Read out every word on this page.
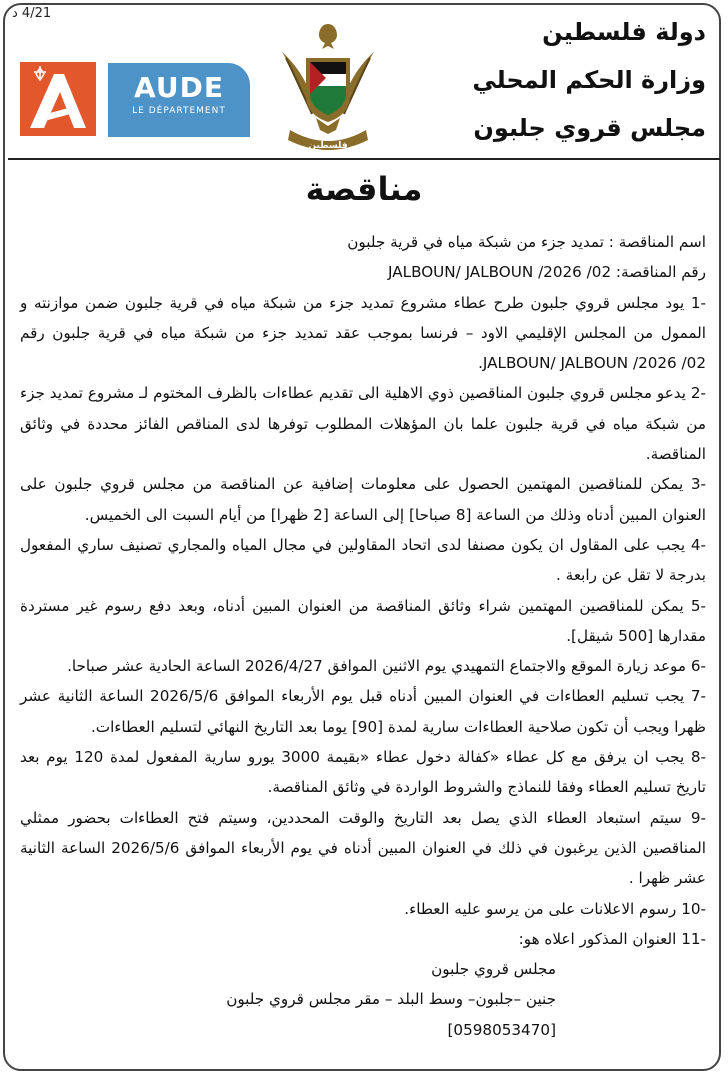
4/21 د
دولة فلسطين
وزارة الحكم المحلي
مجلس قروي جلبون
فلسطين
AUDE
LE DÉPARTEMENT
مناقصة

اسم المناقصة : تمديد جزء من شبكة مياه في قرية جلبون

رقم المناقصة: JALBOUN/ JALBOUN /2026 /02

-1 يود مجلس قروي جلبون طرح عطاء مشروع تمديد جزء من شبكة مياه في قرية جلبون ضمن موازنته و الممول من المجلس الإقليمي الاود – فرنسا بموجب عقد تمديد جزء من شبكة مياه في قرية جلبون رقم JALBOUN/ JALBOUN /2026 /02.

-2 يدعو مجلس قروي جلبون المناقصين ذوي الاهلية الى تقديم عطاءات بالظرف المختوم لـ مشروع تمديد جزء من شبكة مياه في قرية جلبون علما بان المؤهلات المطلوب توفرها لدى المناقص الفائز محددة في وثائق المناقصة.

-3 يمكن للمناقصين المهتمين الحصول على معلومات إضافية عن المناقصة من مجلس قروي جلبون على العنوان المبين أدناه وذلك من الساعة [8 صباحا] إلى الساعة [2 ظهرا] من أيام السبت الى الخميس.

-4 يجب على المقاول ان يكون مصنفا لدى اتحاد المقاولين في مجال المياه والمجاري تصنيف ساري المفعول بدرجة لا تقل عن رابعة .

-5 يمكن للمناقصين المهتمين شراء وثائق المناقصة من العنوان المبين أدناه، وبعد دفع رسوم غير مستردة مقدارها [500 شيقل].

-6 موعد زيارة الموقع والاجتماع التمهيدي يوم الاثنين الموافق 2026/4/27 الساعة الحادية عشر صباحا.

-7 يجب تسليم العطاءات في العنوان المبين أدناه قبل يوم الأربعاء الموافق 2026/5/6 الساعة الثانية عشر ظهرا ويجب أن تكون صلاحية العطاءات سارية لمدة [90] يوما بعد التاريخ النهائي لتسليم العطاءات.

-8 يجب ان يرفق مع كل عطاء «كفالة دخول عطاء «بقيمة 3000 يورو سارية المفعول لمدة 120 يوم بعد تاريخ تسليم العطاء وفقا للنماذج والشروط الواردة في وثائق المناقصة.

-9 سيتم استبعاد العطاء الذي يصل بعد التاريخ والوقت المحددين، وسيتم فتح العطاءات بحضور ممثلي المناقصين الذين يرغبون في ذلك في العنوان المبين أدناه في يوم الأربعاء الموافق 2026/5/6 الساعة الثانية عشر ظهرا .

-10 رسوم الاعلانات على من يرسو عليه العطاء.

-11 العنوان المذكور اعلاه هو:

مجلس قروي جلبون

جنين –جلبون– وسط البلد – مقر مجلس قروي جلبون

[0598053470]
